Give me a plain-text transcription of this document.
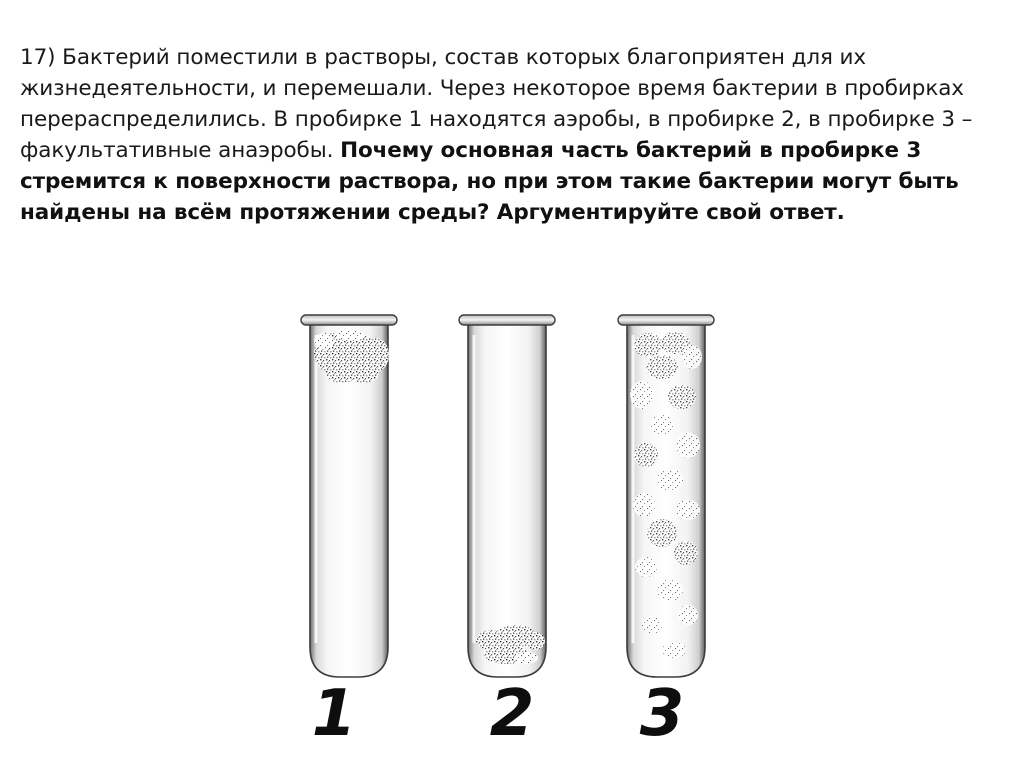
17) Бактерий поместили в растворы, состав которых благоприятен для их жизнедеятельности, и перемешали. Через некоторое время бактерии в пробирках перераспределились. В пробирке 1 находятся аэробы, в пробирке 2, в пробирке 3 – факультативные анаэробы. Почему основная часть бактерий в пробирке 3 стремится к поверхности раствора, но при этом такие бактерии могут быть найдены на всём протяжении среды? Аргументируйте свой ответ.

1 2 3
